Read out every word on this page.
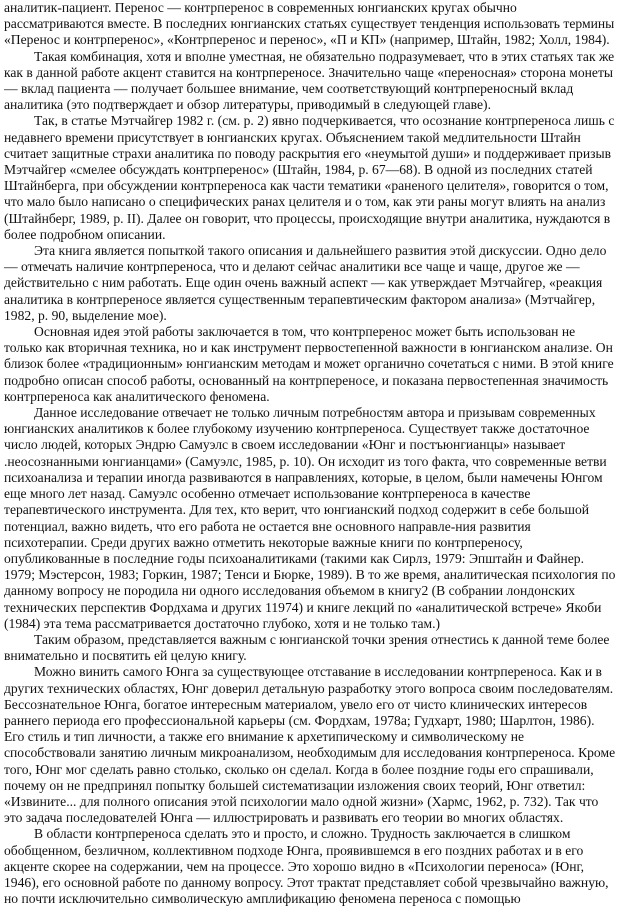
аналитик-пациент. Перенос — контрперенос в современных юнгианских кругах обычно рассматриваются вместе. В последних юнгианских статьях существует тенденция использовать термины «Перенос и контрперенос», «Контрперенос и перенос», «П и КП» (например, Штайн, 1982; Холл, 1984).

Такая комбинация, хотя и вполне уместная, не обязательно подразумевает, что в этих статьях так же как в данной работе акцент ставится на контрпереносе. Значительно чаще «переносная» сторона монеты — вклад пациента — получает большее внимание, чем соответствующий контрпереносный вклад аналитика (это подтверждает и обзор литературы, приводимый в следующей главе).

Так, в статье Мэтчайгер 1982 г. (см. р. 2) явно подчеркивается, что осознание контрпереноса лишь с недавнего времени присутствует в юнгианских кругах. Объяснением такой медлительности Штайн считает защитные страхи аналитика по поводу раскрытия его «неумытой души» и поддерживает призыв Мэтчайгер «смелее обсуждать контрперенос» (Штайн, 1984, р. 67—68). В одной из последних статей Штайнберга, при обсуждении контрпереноса как части тематики «раненого целителя», говорится о том, что мало было написано о специфических ранах целителя и о том, как эти раны могут влиять на анализ (Штайнберг, 1989, р. II). Далее он говорит, что процессы, происходящие внутри аналитика, нуждаются в более подробном описании.

Эта книга является попыткой такого описания и дальнейшего развития этой дискуссии. Одно дело — отмечать наличие контрпереноса, что и делают сейчас аналитики все чаще и чаще, другое же — действительно с ним работать. Еще один очень важный аспект — как утверждает Мэтчайгер, «реакция аналитика в контрпереносе является существенным терапевтическим фактором анализа» (Мэтчайгер, 1982, р. 90, выделение мое).

Основная идея этой работы заключается в том, что контрперенос может быть использован не только как вторичная техника, но и как инструмент первостепенной важности в юнгианском анализе. Он близок более «традиционным» юнгианским методам и может органично сочетаться с ними. В этой книге подробно описан способ работы, основанный на контрпереносе, и показана первостепенная значимость контрпереноса как аналитического феномена.

Данное исследование отвечает не только личным потребностям автора и призывам современных юнгианских аналитиков к более глубокому изучению контрпереноса. Существует также достаточное число людей, которых Эндрю Самуэлс в своем исследовании «Юнг и постъюнгианцы» называет .неосознанными юнгианцами» (Самуэлс, 1985, р. 10). Он исходит из того факта, что современные ветви психоанализа и терапии иногда развиваются в направлениях, которые, в целом, были намечены Юнгом еще много лет назад. Самуэлс особенно отмечает использование контрпереноса в качестве терапевтического инструмента. Для тех, кто верит, что юнгианский подход содержит в себе большой потенциал, важно видеть, что его работа не остается вне основного направле-ния развития психотерапии. Среди других важно отметить некоторые важные книги по контрпереносу, опубликованные в последние годы психоаналитиками (такими как Сирлз, 1979: Эпштайн и Файнер. 1979; Мэстерсон, 1983; Горкин, 1987; Тенси и Бюрке, 1989). В то же время, аналитическая психология по данному вопросу не породила ни одного исследования объемом в книгу2 (В собрании лондонских технических перспектив Фордхама и других 11974) и книге лекций по «аналитической встрече» Якоби (1984) эта тема рассматривается достаточно глубоко, хотя и не только там.)

Таким образом, представляется важным с юнгианской точки зрения отнестись к данной теме более внимательно и посвятить ей целую книгу.

Можно винить самого Юнга за существующее отставание в исследовании контрпереноса. Как и в других технических областях, Юнг доверил детальную разработку этого вопроса своим последователям. Бессознательное Юнга, богатое интересным материалом, увело его от чисто клинических интересов раннего периода его профессиональной карьеры (см. Фордхам, 1978а; Гудхарт, 1980; Шарлтон, 1986). Его стиль и тип личности, а также его внимание к архетипическому и символическому не способствовали занятию личным микроанализом, необходимым для исследования контрпереноса. Кроме того, Юнг мог сделать равно столько, сколько он сделал. Когда в более поздние годы его спрашивали, почему он не предпринял попытку большей систематизации изложения своих теорий, Юнг ответил: «Извините... для полного описания этой психологии мало одной жизни» (Хармс, 1962, р. 732). Так что это задача последователей Юнга — иллюстрировать и развивать его теории во многих областях.

В области контрпереноса сделать это и просто, и сложно. Трудность заключается в слишком обобщенном, безличном, коллективном подходе Юнга, проявившемся в его поздних работах и в его акценте скорее на содержании, чем на процессе. Это хорошо видно в «Психологии переноса» (Юнг, 1946), его основной работе по данному вопросу. Этот трактат представляет собой чрезвычайно важную, но почти исключительно символическую амплификацию феномена переноса с помощью
